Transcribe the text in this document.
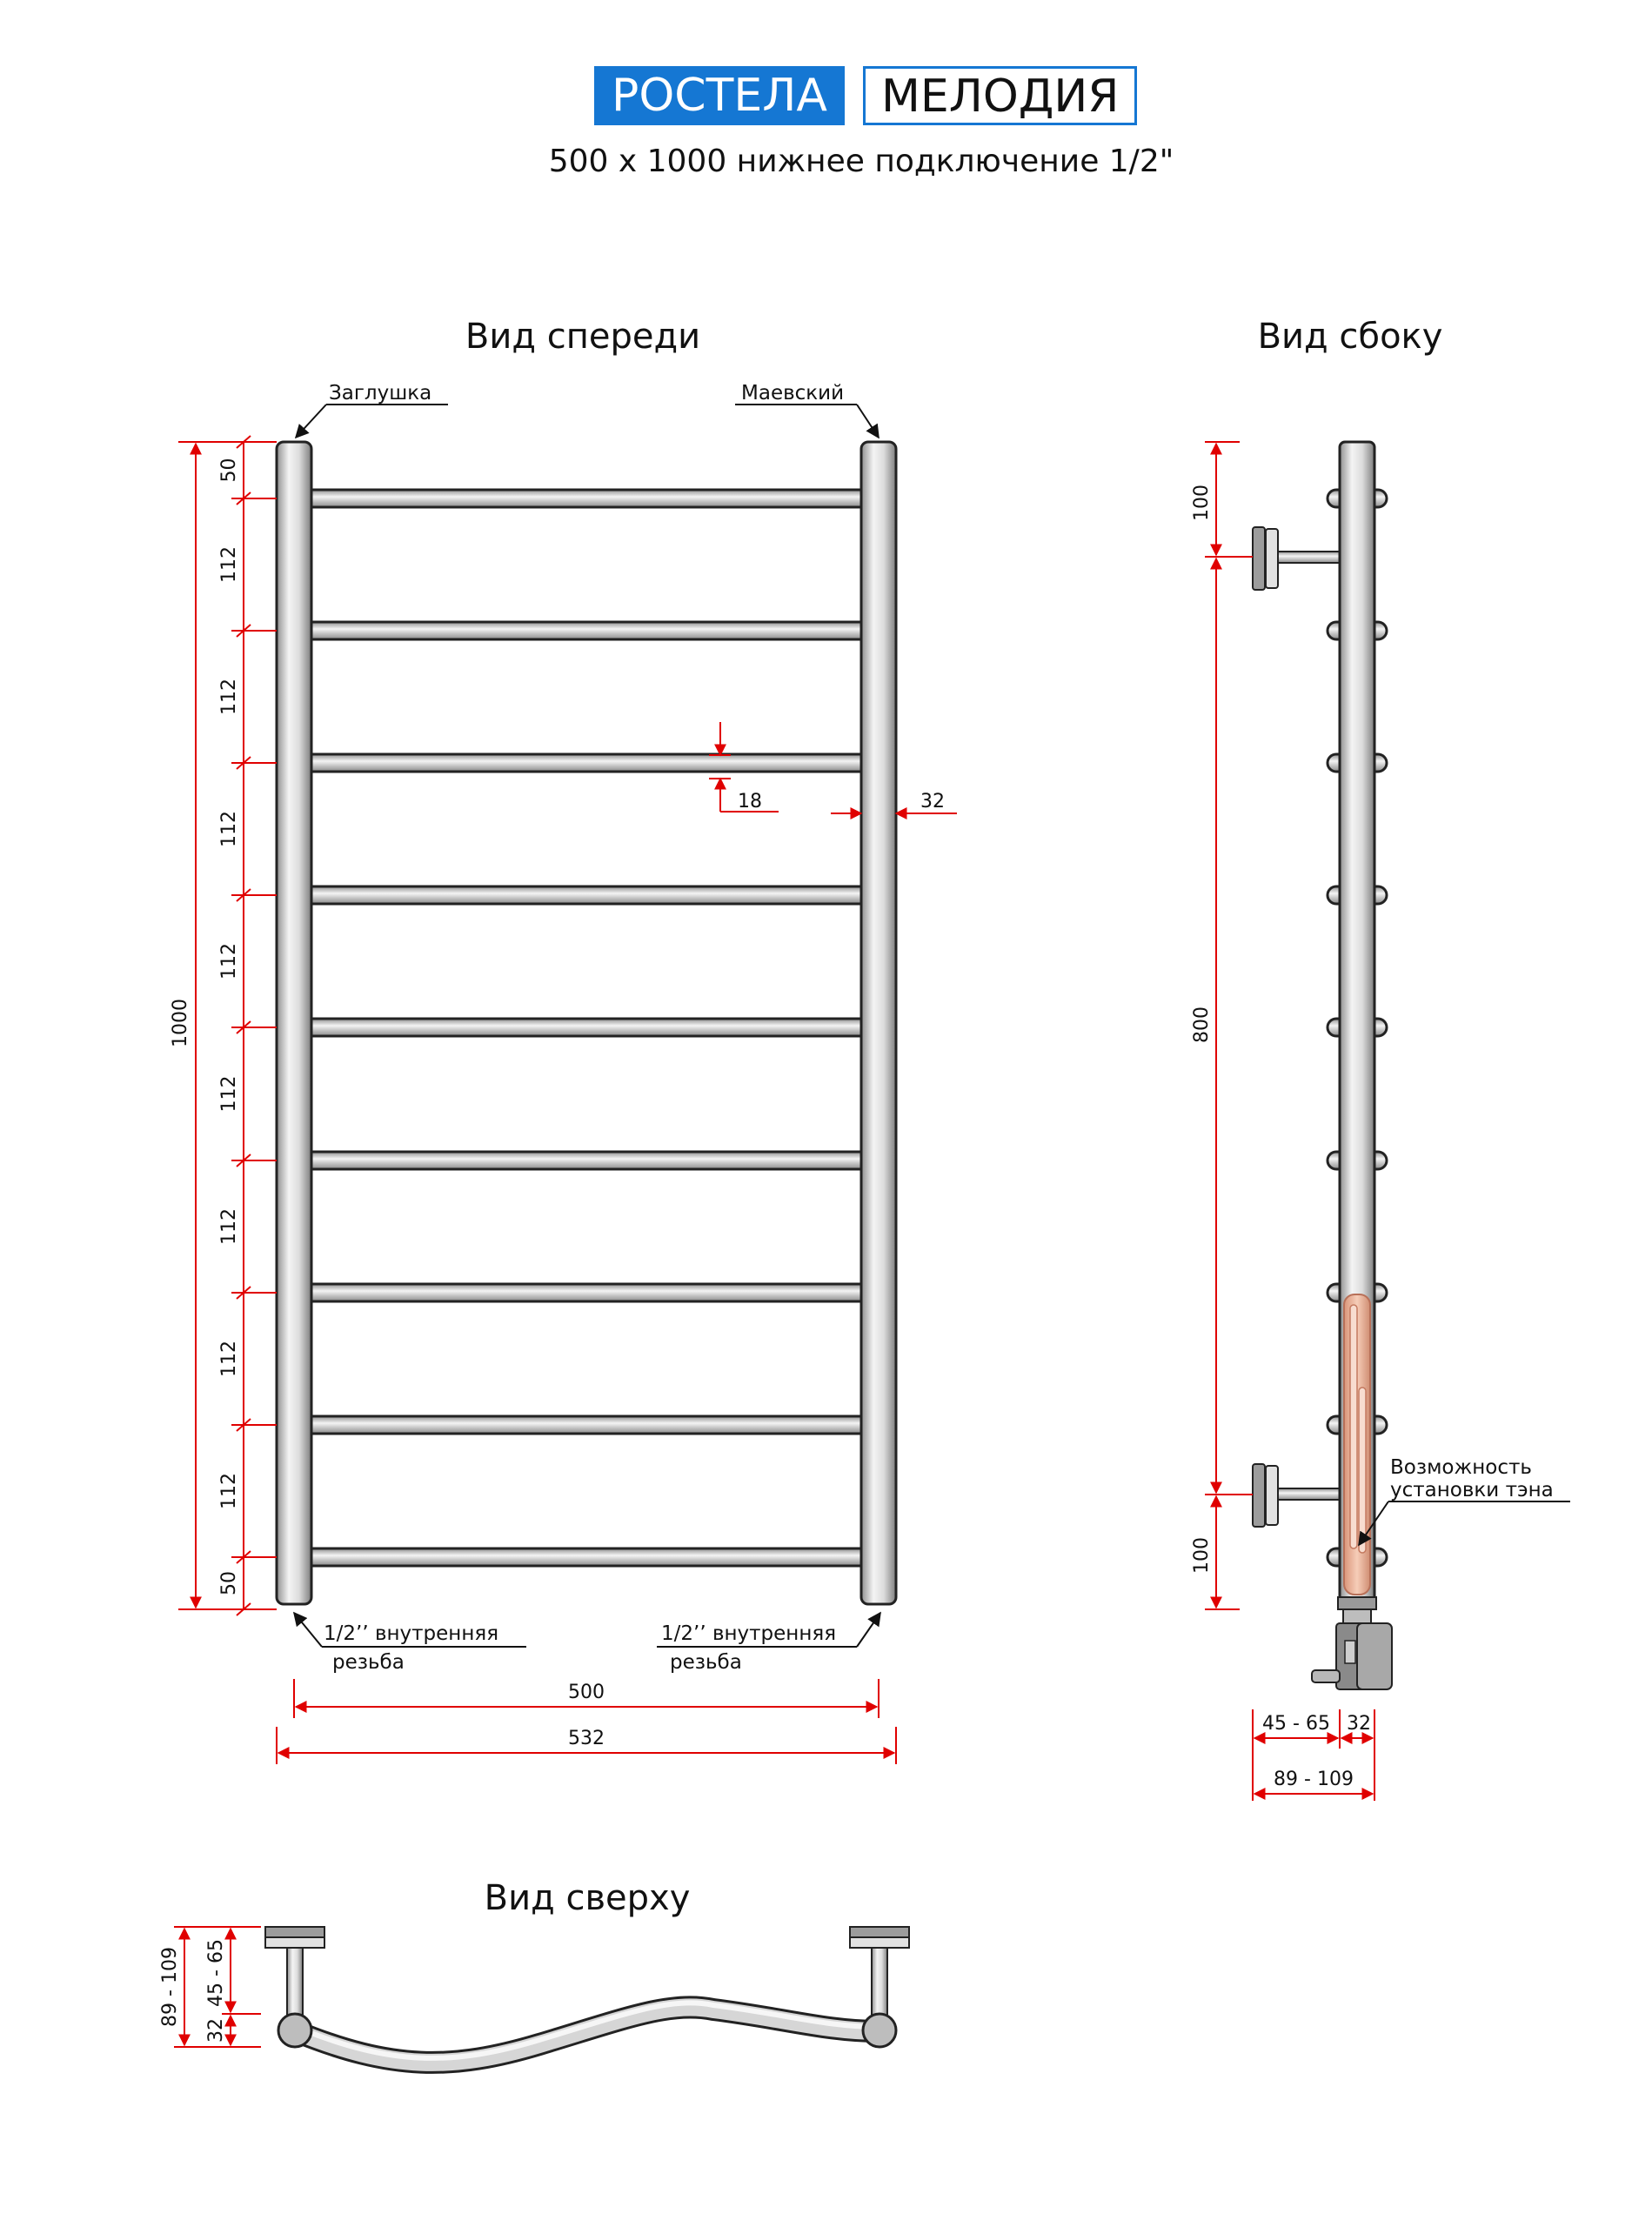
РОСТЕЛА	МЕЛОДИЯ
500 x 1000 нижнее подключение 1/2"
Вид спереди
Заглушка	Маевский
1/2’’ внутренняя
резьба
1/2’’ внутренняя
резьба
1000
50
112
112
112
112
112
112
112
112
50
18	32
500
532
Вид сбоку
Возможность
установки тэна
100
800
100
45 - 65 32
89 - 109
Вид сверху
89 - 109 45 - 65
32
